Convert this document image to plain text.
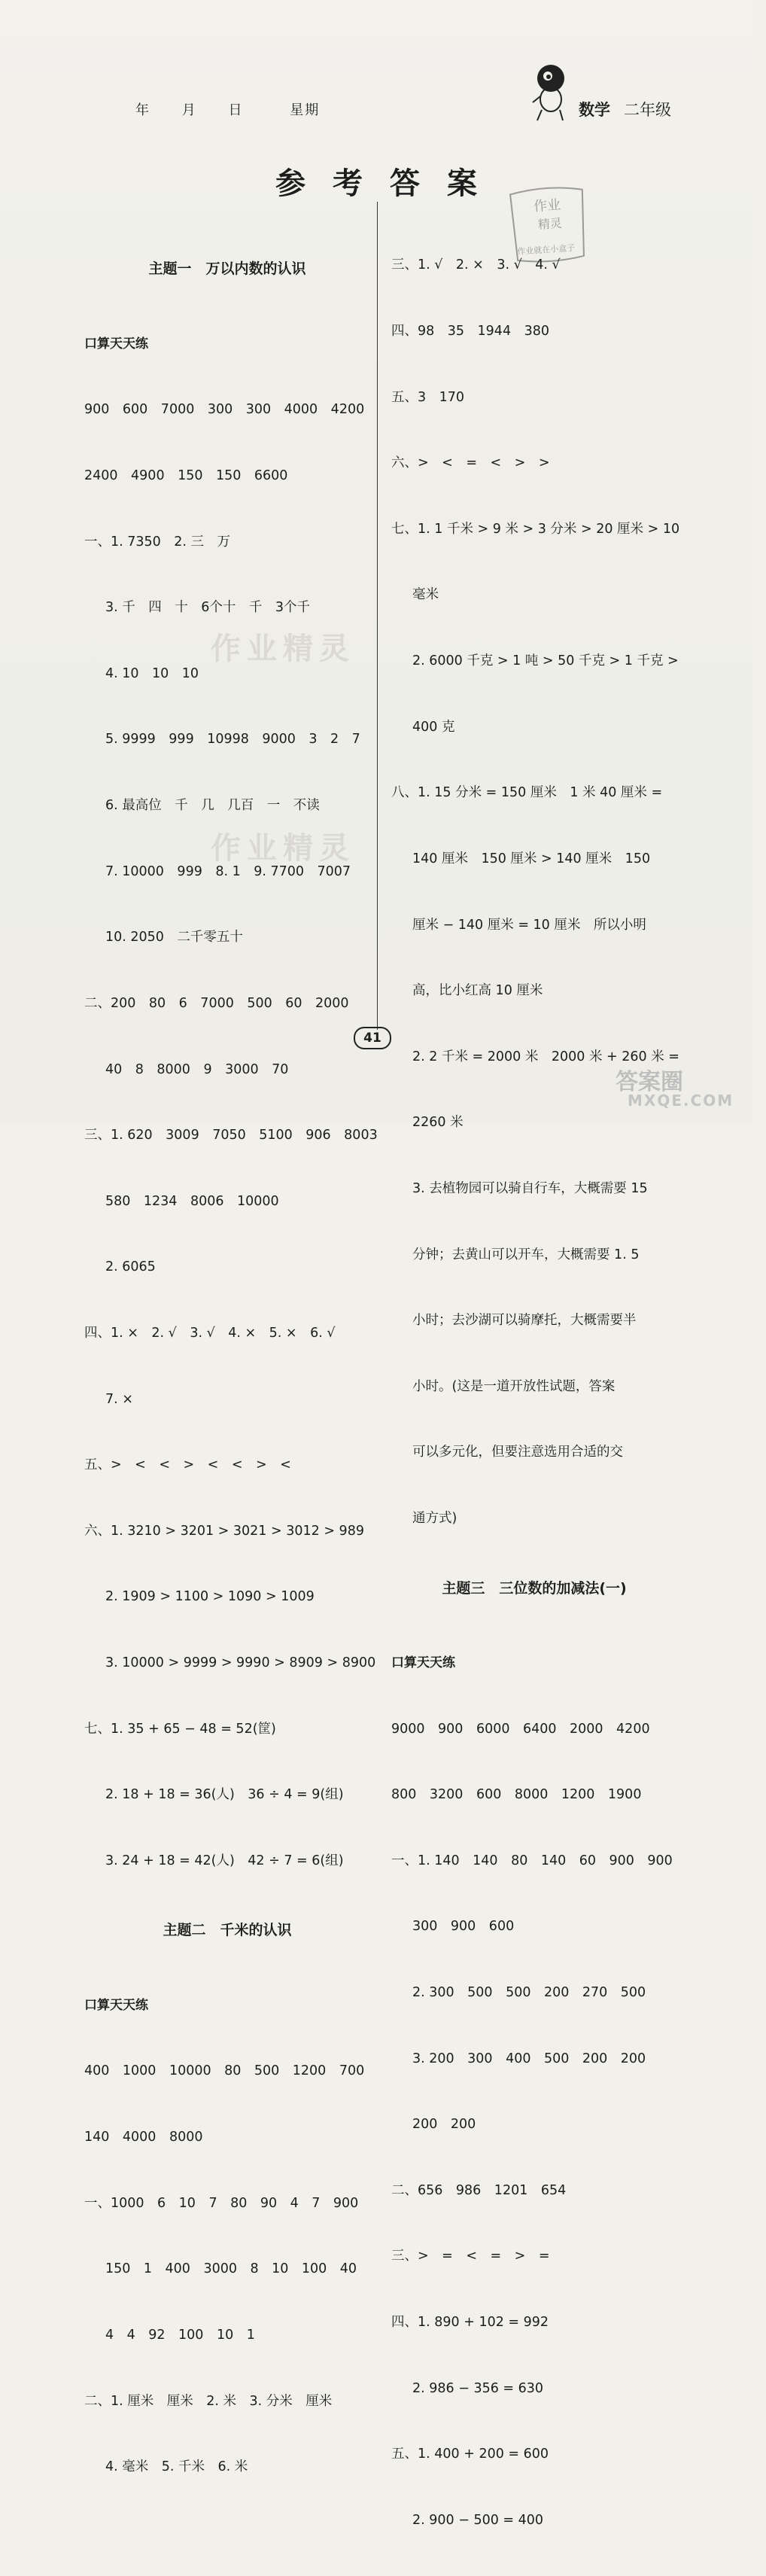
年 月 日	星期	数学 二年级
参考答案
作业
精灵
作业就在小盒子

主题一　万以内数的认识

口算天天练

900　600　7000　300　300　4000　4200

2400　4900　150　150　6600

一、1. 7350　2. 三　万

3. 千　四　十　6个十　千　3个千

4. 10　10　10

5. 9999　999　10998　9000　3　2　7

6. 最高位　千　几　几百　一　不读

7. 10000　999　8. 1　9. 7700　7007

10. 2050　二千零五十

二、200　80　6　7000　500　60　2000

40　8　8000　9　3000　70

三、1. 620　3009　7050　5100　906　8003

580　1234　8006　10000

2. 6065

四、1. ×　2. √　3. √　4. ×　5. ×　6. √

7. ×

五、>　<　<　>　<　<　>　<

六、1. 3210 > 3201 > 3021 > 3012 > 989

2. 1909 > 1100 > 1090 > 1009

3. 10000 > 9999 > 9990 > 8909 > 8900

七、1. 35 + 65 − 48 = 52(筐)

2. 18 + 18 = 36(人)　36 ÷ 4 = 9(组)

3. 24 + 18 = 42(人)　42 ÷ 7 = 6(组)

主题二　千米的认识

口算天天练

400　1000　10000　80　500　1200　700

140　4000　8000

一、1000　6　10　7　80　90　4　7　900

150　1　400　3000　8　10　100　40

4　4　92　100　10　1

二、1. 厘米　厘米　2. 米　3. 分米　厘米

4. 毫米　5. 千米　6. 米

三、1. √　2. ×　3. √　4. √

四、98　35　1944　380

五、3　170

六、>　<　=　<　>　>

七、1. 1 千米 > 9 米 > 3 分米 > 20 厘米 > 10

毫米

2. 6000 千克 > 1 吨 > 50 千克 > 1 千克 >

400 克

八、1. 15 分米 = 150 厘米　1 米 40 厘米 =

140 厘米　150 厘米 > 140 厘米　150

厘米 − 140 厘米 = 10 厘米　所以小明

高，比小红高 10 厘米

2. 2 千米 = 2000 米　2000 米 + 260 米 =

2260 米

3. 去植物园可以骑自行车，大概需要 15

分钟；去黄山可以开车，大概需要 1. 5

小时；去沙湖可以骑摩托，大概需要半

小时。(这是一道开放性试题，答案

可以多元化，但要注意选用合适的交

通方式)

主题三　三位数的加减法(一)

口算天天练

9000　900　6000　6400　2000　4200

800　3200　600　8000　1200　1900

一、1. 140　140　80　140　60　900　900

300　900　600

2. 300　500　500　200　270　500

3. 200　300　400　500　200　200

200　200

二、656　986　1201　654

三、>　=　<　=　>　=

四、1. 890 + 102 = 992

2. 986 − 356 = 630

五、1. 400 + 200 = 600

2. 900 − 500 = 400

作业精灵
作业精灵
41
答案圈
MXQE.COM
